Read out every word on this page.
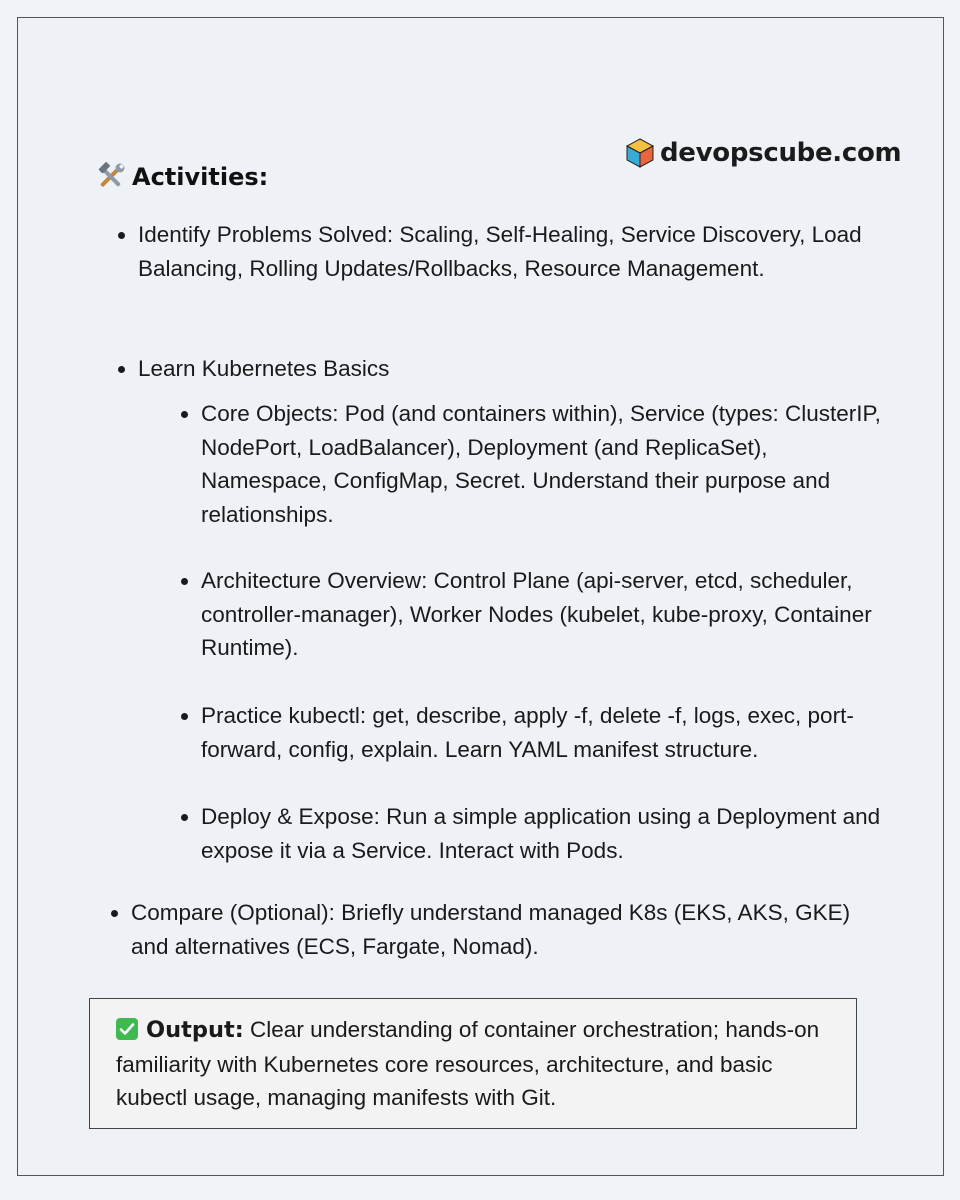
devopscube.com
Activities:
Identify Problems Solved: Scaling, Self-Healing, Service Discovery, Load Balancing, Rolling Updates/Rollbacks, Resource Management.
Learn Kubernetes Basics
Core Objects: Pod (and containers within), Service (types: ClusterIP, NodePort, LoadBalancer), Deployment (and ReplicaSet), Namespace, ConfigMap, Secret. Understand their purpose and relationships.
Architecture Overview: Control Plane (api-server, etcd, scheduler, controller-manager), Worker Nodes (kubelet, kube-proxy, Container Runtime).
Practice kubectl: get, describe, apply -f, delete -f, logs, exec, port-forward, config, explain. Learn YAML manifest structure.
Deploy & Expose: Run a simple application using a Deployment and expose it via a Service. Interact with Pods.
Compare (Optional): Briefly understand managed K8s (EKS, AKS, GKE) and alternatives (ECS, Fargate, Nomad).
Output: Clear understanding of container orchestration; hands-on familiarity with Kubernetes core resources, architecture, and basic kubectl usage, managing manifests with Git.
